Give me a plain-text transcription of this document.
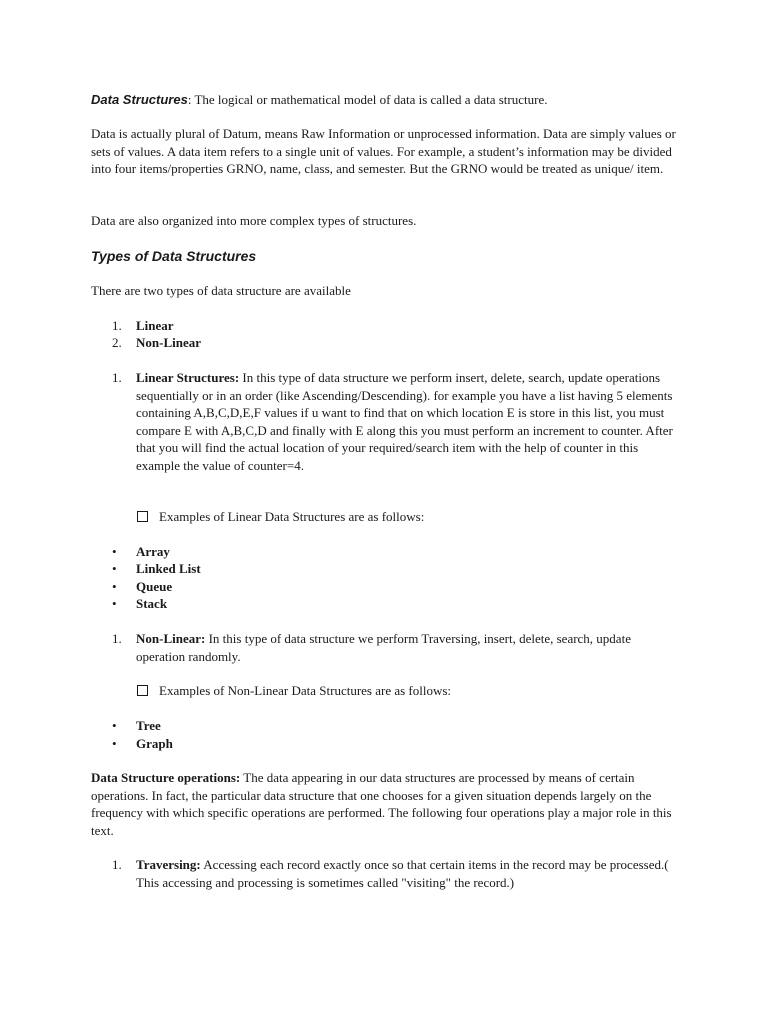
Data Structures: The logical or mathematical model of data is called a data structure.

Data is actually plural of Datum, means Raw Information or unprocessed information. Data are simply values or sets of values. A data item refers to a single unit of values. For example, a student’s information may be divided into four items/properties GRNO, name, class, and semester. But the GRNO would be treated as unique/ item.

Data are also organized into more complex types of structures.

Types of Data Structures

There are two types of data structure are available

1.	Linear
2.	Non-Linear
1.	Linear Structures: In this type of data structure we perform insert, delete, search, update operations sequentially or in an order (like Ascending/Descending). for example you have a list having 5 elements containing A,B,C,D,E,F values if u want to find that on which location E is store in this list, you must compare E with A,B,C,D and finally with E along this you must perform an increment to counter. After that you will find the actual location of your required/search item with the help of counter in this example the value of counter=4.

Examples of Linear Data Structures are as follows:
• Array
• Linked List
• Queue
• Stack
1.	Non-Linear: In this type of data structure we perform Traversing, insert, delete, search, update operation randomly.

Examples of Non-Linear Data Structures are as follows:
• Tree
• Graph

Data Structure operations: The data appearing in our data structures are processed by means of certain operations. In fact, the particular data structure that one chooses for a given situation depends largely on the frequency with which specific operations are performed. The following four operations play a major role in this text.

1.	Traversing: Accessing each record exactly once so that certain items in the record may be processed.( This accessing and processing is sometimes called "visiting" the record.)
